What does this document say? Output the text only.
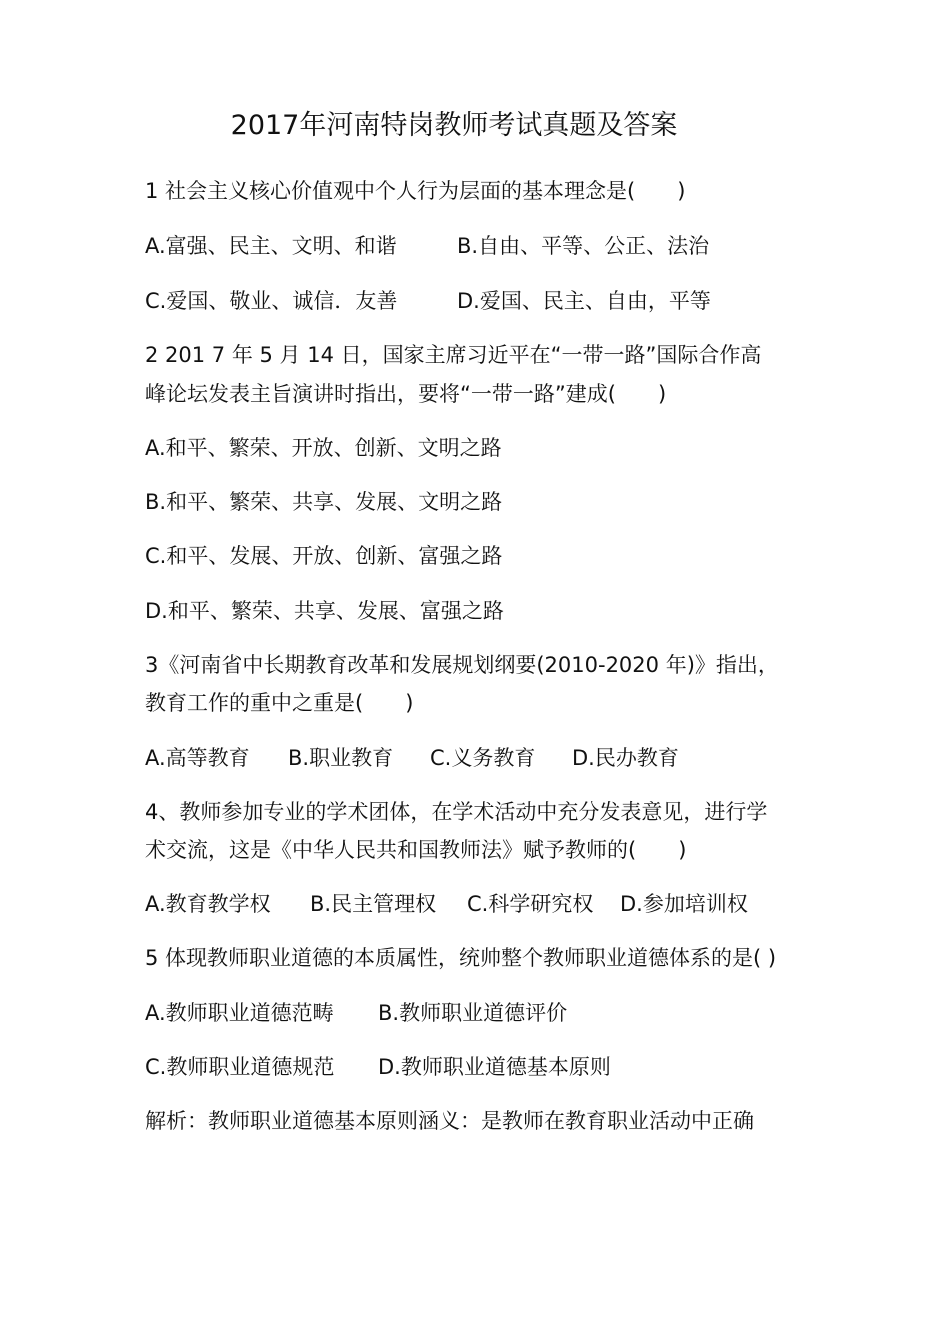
2017年河南特岗教师考试真题及答案
1 社会主义核心价值观中个人行为层面的基本理念是(　　)
A.富强、民主、文明、和谐	B.自由、平等、公正、法治
C.爱国、敬业、诚信．友善	D.爱国、民主、自由，平等
2 201 7 年 5 月 14 日，国家主席习近平在“一带一路”国际合作高
峰论坛发表主旨演讲时指出，要将“一带一路”建成(　　)
A.和平、繁荣、开放、创新、文明之路
B.和平、繁荣、共享、发展、文明之路
C.和平、发展、开放、创新、富强之路
D.和平、繁荣、共享、发展、富强之路
3《河南省中长期教育改革和发展规划纲要(2010-2020 年)》指出，
教育工作的重中之重是(　　)
A.高等教育 B.职业教育 C.义务教育 D.民办教育
4、教师参加专业的学术团体，在学术活动中充分发表意见，进行学
术交流，这是《中华人民共和国教师法》赋予教师的(　　)
A.教育教学权 B.民主管理权 C.科学研究权 D.参加培训权
5 体现教师职业道德的本质属性，统帅整个教师职业道德体系的是( )
A.教师职业道德范畴 B.教师职业道德评价
C.教师职业道德规范 D.教师职业道德基本原则
解析：教师职业道德基本原则涵义：是教师在教育职业活动中正确
